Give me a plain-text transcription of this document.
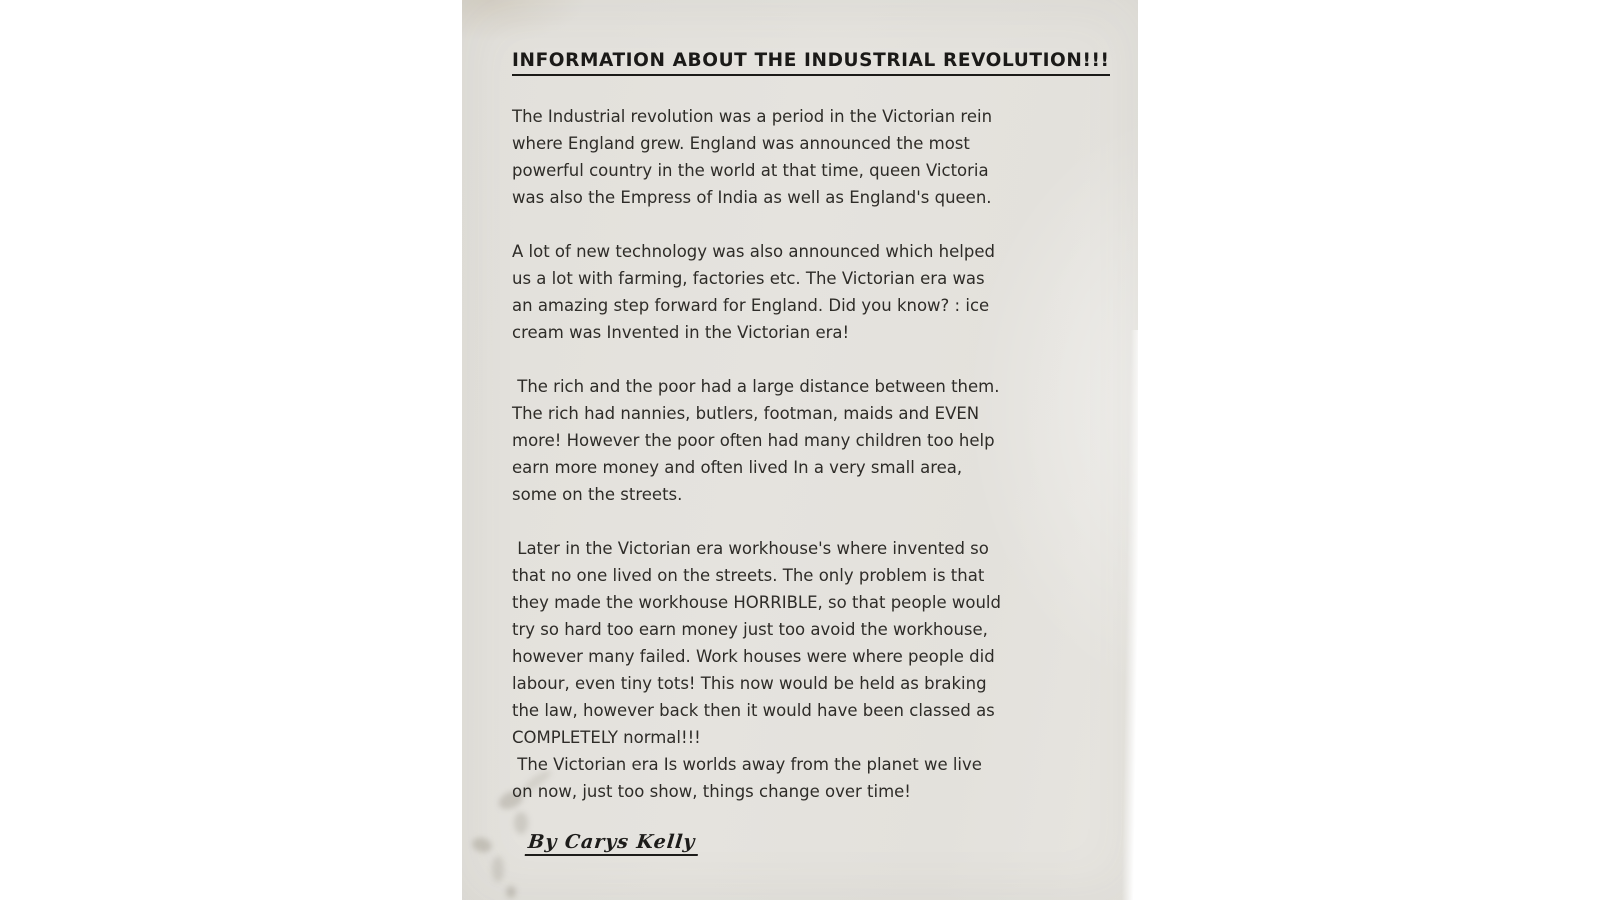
INFORMATION ABOUT THE INDUSTRIAL REVOLUTION!!!
The Industrial revolution was a period in the Victorian rein
where England grew. England was announced the most
powerful country in the world at that time, queen Victoria
was also the Empress of India as well as England's queen.
A lot of new technology was also announced which helped
us a lot with farming, factories etc. The Victorian era was
an amazing step forward for England. Did you know? : ice
cream was Invented in the Victorian era!
The rich and the poor had a large distance between them.
The rich had nannies, butlers, footman, maids and EVEN
more! However the poor often had many children too help
earn more money and often lived In a very small area,
some on the streets.
Later in the Victorian era workhouse's where invented so
that no one lived on the streets. The only problem is that
they made the workhouse HORRIBLE, so that people would
try so hard too earn money just too avoid the workhouse,
however many failed. Work houses were where people did
labour, even tiny tots! This now would be held as braking
the law, however back then it would have been classed as
COMPLETELY normal!!!
The Victorian era Is worlds away from the planet we live
on now, just too show, things change over time!
By Carys Kelly
